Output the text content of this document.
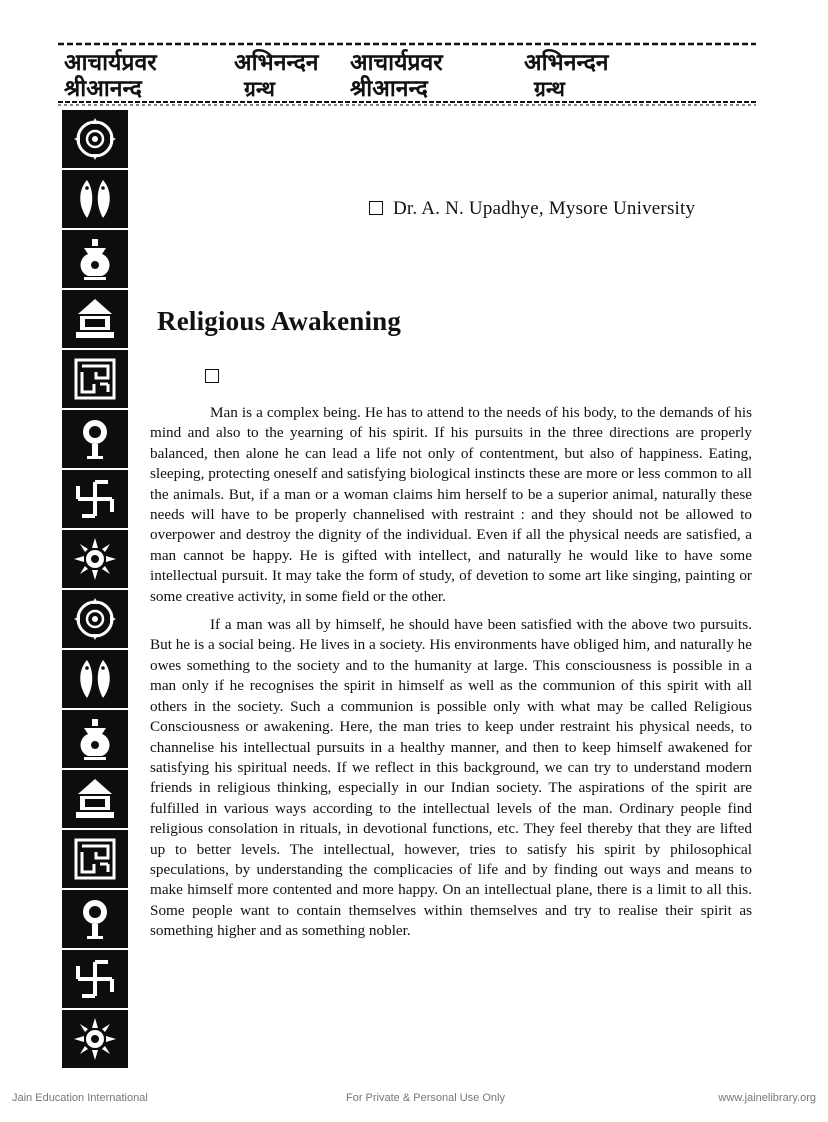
आचार्यप्रवर	अभिनन्दन आचार्यप्रवर	अभिनन्दन
श्रीआनन्द	ग्रन्थ	श्रीआनन्द	ग्रन्थ
Dr. A. N. Upadhye, Mysore University
Religious Awakening

Man is a complex being. He has to attend to the needs of his body, to the demands of his mind and also to the yearning of his spirit. If his pursuits in the three directions are properly balanced, then alone he can lead a life not only of contentment, but also of happiness. Eating, sleeping, protecting oneself and satisfying biological instincts these are more or less common to all the animals. But, if a man or a woman claims him herself to be a superior animal, naturally these needs will have to be properly channelised with restraint : and they should not be allowed to overpower and destroy the dignity of the individual. Even if all the physical needs are satisfied, a man cannot be happy. He is gifted with intellect, and naturally he would like to have some intellectual pursuit. It may take the form of study, of devetion to some art like singing, painting or some creative activity, in some field or the other.

If a man was all by himself, he should have been satisfied with the above two pursuits. But he is a social being. He lives in a society. His environments have obliged him, and naturally he owes something to the society and to the humanity at large. This consciousness is possible in a man only if he recognises the spirit in himself as well as the communion of this spirit with all others in the society. Such a communion is possible only with what may be called Religious Consciousness or awakening. Here, the man tries to keep under restraint his physical needs, to channelise his intellectual pursuits in a healthy manner, and then to keep himself awakened for satisfying his spiritual needs. If we reflect in this background, we can try to understand modern friends in religious thinking, especially in our Indian society. The aspirations of the spirit are fulfilled in various ways according to the intellectual levels of the man. Ordinary people find religious consolation in rituals, in devotional functions, etc. They feel thereby that they are lifted up to better levels. The intellectual, however, tries to satisfy his spirit by philosophical speculations, by understanding the complicacies of life and by finding out ways and means to make himself more contented and more happy. On an intellectual plane, there is a limit to all this. Some people want to contain themselves within themselves and try to realise their spirit as something higher and as something nobler.

Jain Education International	For Private & Personal Use Only	www.jainelibrary.org
